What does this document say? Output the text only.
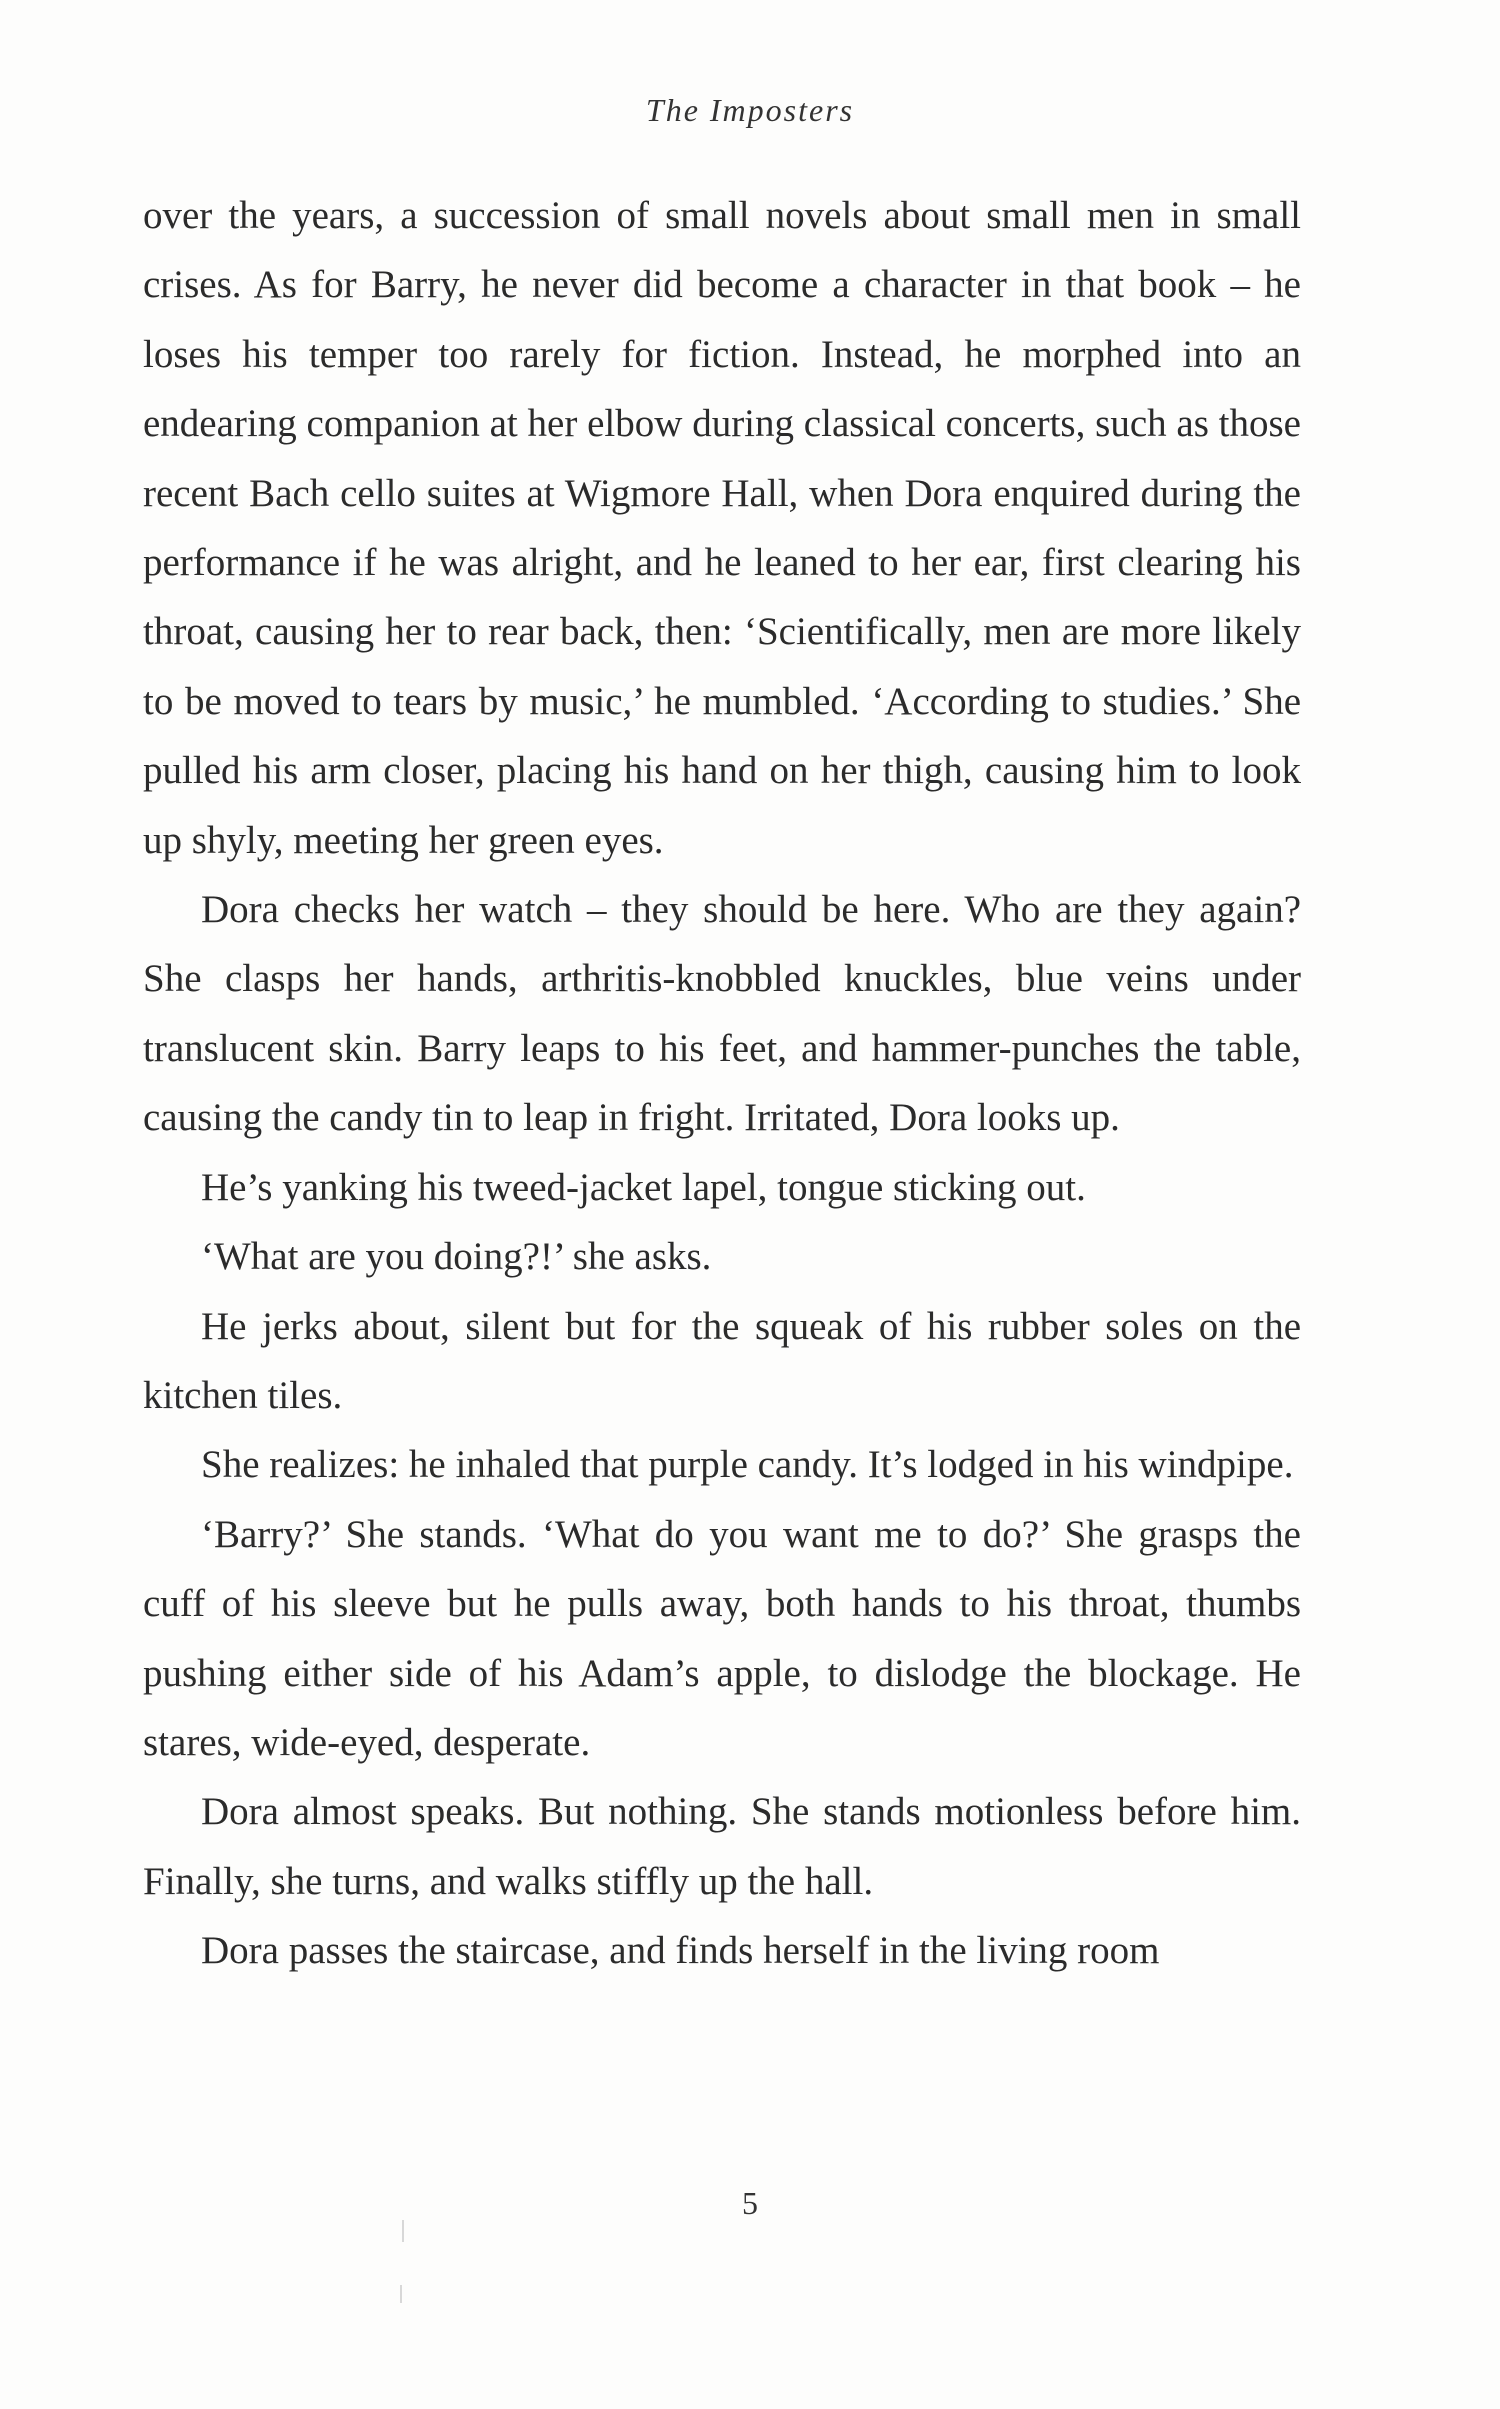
The Imposters

over the years, a succession of small novels about small men in small crises. As for Barry, he never did become a character in that book – he loses his temper too rarely for fiction. Instead, he morphed into an endearing companion at her elbow during classical concerts, such as those recent Bach cello suites at Wigmore Hall, when Dora enquired during the performance if he was alright, and he leaned to her ear, first clearing his throat, causing her to rear back, then: ‘Scientifically, men are more likely to be moved to tears by music,’ he mumbled. ‘According to studies.’ She pulled his arm closer, placing his hand on her thigh, causing him to look up shyly, meeting her green eyes.

Dora checks her watch – they should be here. Who are they again? She clasps her hands, arthritis-knobbled knuckles, blue veins under translucent skin. Barry leaps to his feet, and hammer-punches the table, causing the candy tin to leap in fright. Irritated, Dora looks up.

He’s yanking his tweed-jacket lapel, tongue sticking out.

‘What are you doing?!’ she asks.

He jerks about, silent but for the squeak of his rubber soles on the kitchen tiles.

She realizes: he inhaled that purple candy. It’s lodged in his windpipe.

‘Barry?’ She stands. ‘What do you want me to do?’ She grasps the cuff of his sleeve but he pulls away, both hands to his throat, thumbs pushing either side of his Adam’s apple, to dislodge the blockage. He stares, wide-eyed, desperate.

Dora almost speaks. But nothing. She stands motionless before him. Finally, she turns, and walks stiffly up the hall.

Dora passes the staircase, and finds herself in the living room

5
